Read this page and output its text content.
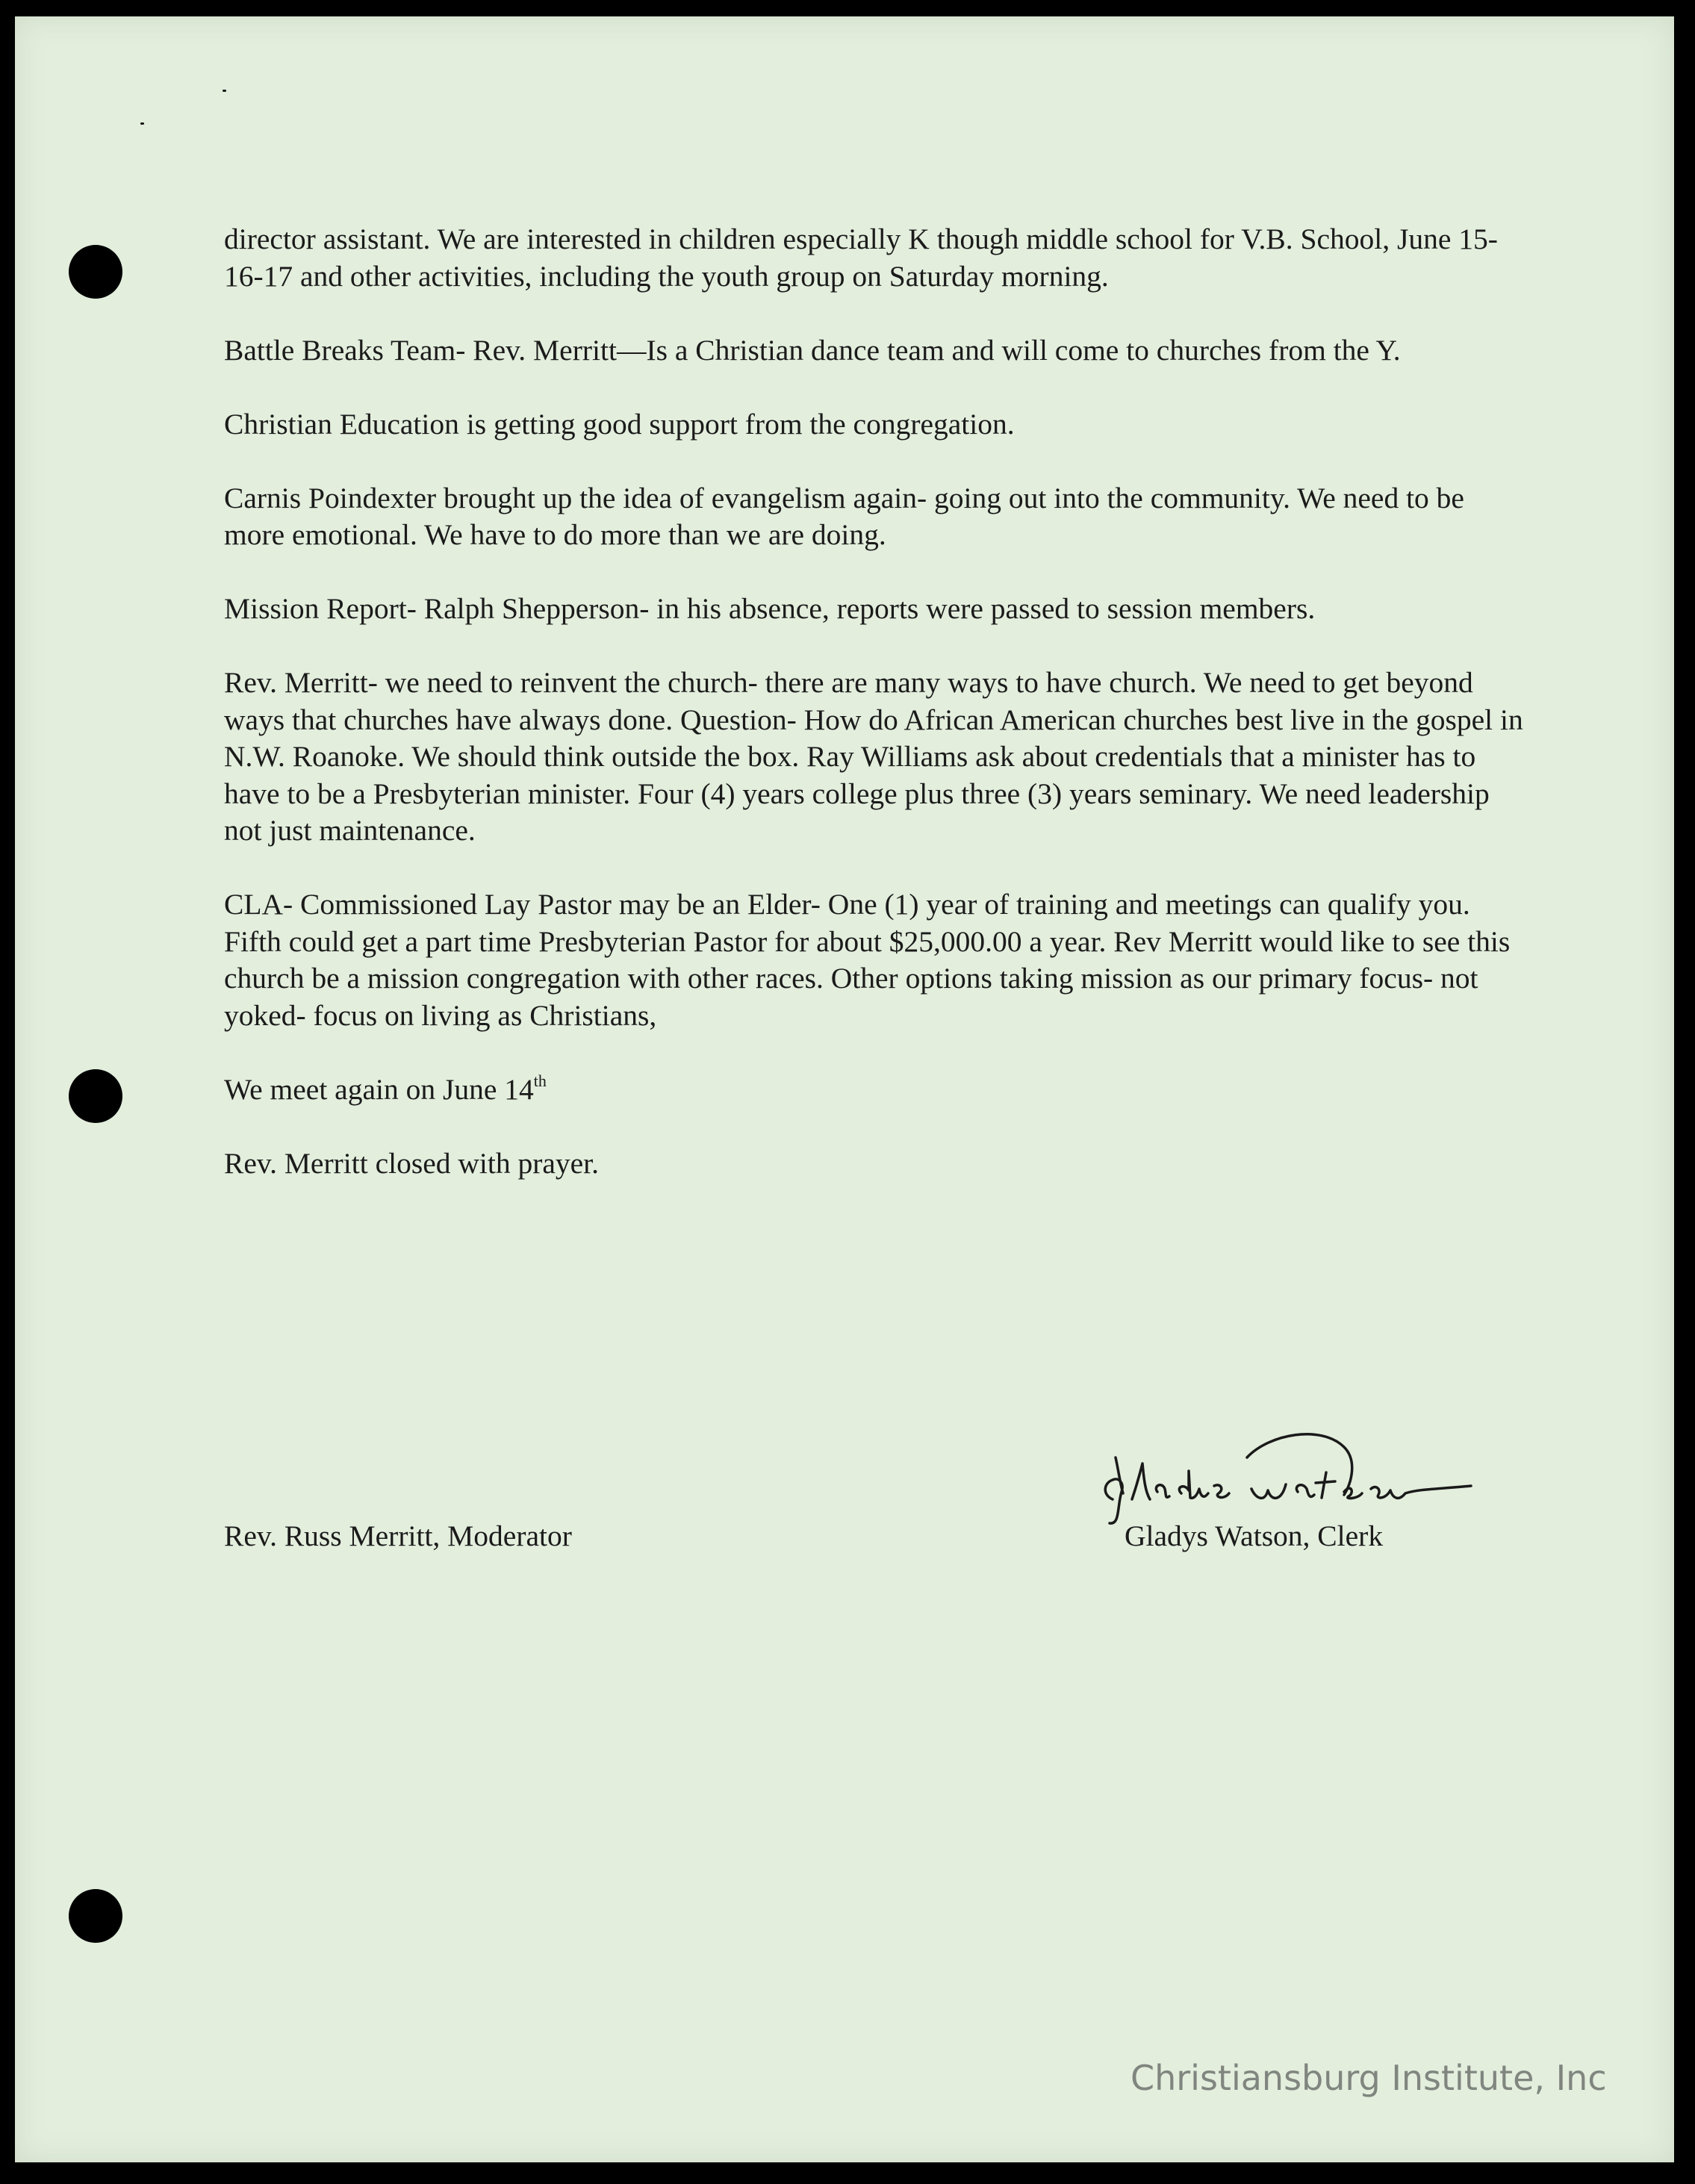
director assistant. We are interested in children especially K though middle school for V.B. School, June 15-16-17 and other activities, including the youth group on Saturday morning.

Battle Breaks Team- Rev. Merritt—Is a Christian dance team and will come to churches from the Y.

Christian Education is getting good support from the congregation.

Carnis Poindexter brought up the idea of evangelism again- going out into the community. We need to be more emotional. We have to do more than we are doing.

Mission Report- Ralph Shepperson- in his absence, reports were passed to session members.

Rev. Merritt- we need to reinvent the church- there are many ways to have church. We need to get beyond ways that churches have always done. Question- How do African American churches best live in the gospel in N.W. Roanoke. We should think outside the box. Ray Williams ask about credentials that a minister has to have to be a Presbyterian minister. Four (4) years college plus three (3) years seminary. We need leadership not just maintenance.

CLA- Commissioned Lay Pastor may be an Elder- One (1) year of training and meetings can qualify you. Fifth could get a part time Presbyterian Pastor for about $25,000.00 a year. Rev Merritt would like to see this church be a mission congregation with other races. Other options taking mission as our primary focus- not yoked- focus on living as Christians,

We meet again on June 14th

Rev. Merritt closed with prayer.

Rev. Russ Merritt, Moderator	Gladys Watson, Clerk
Christiansburg Institute, Inc
